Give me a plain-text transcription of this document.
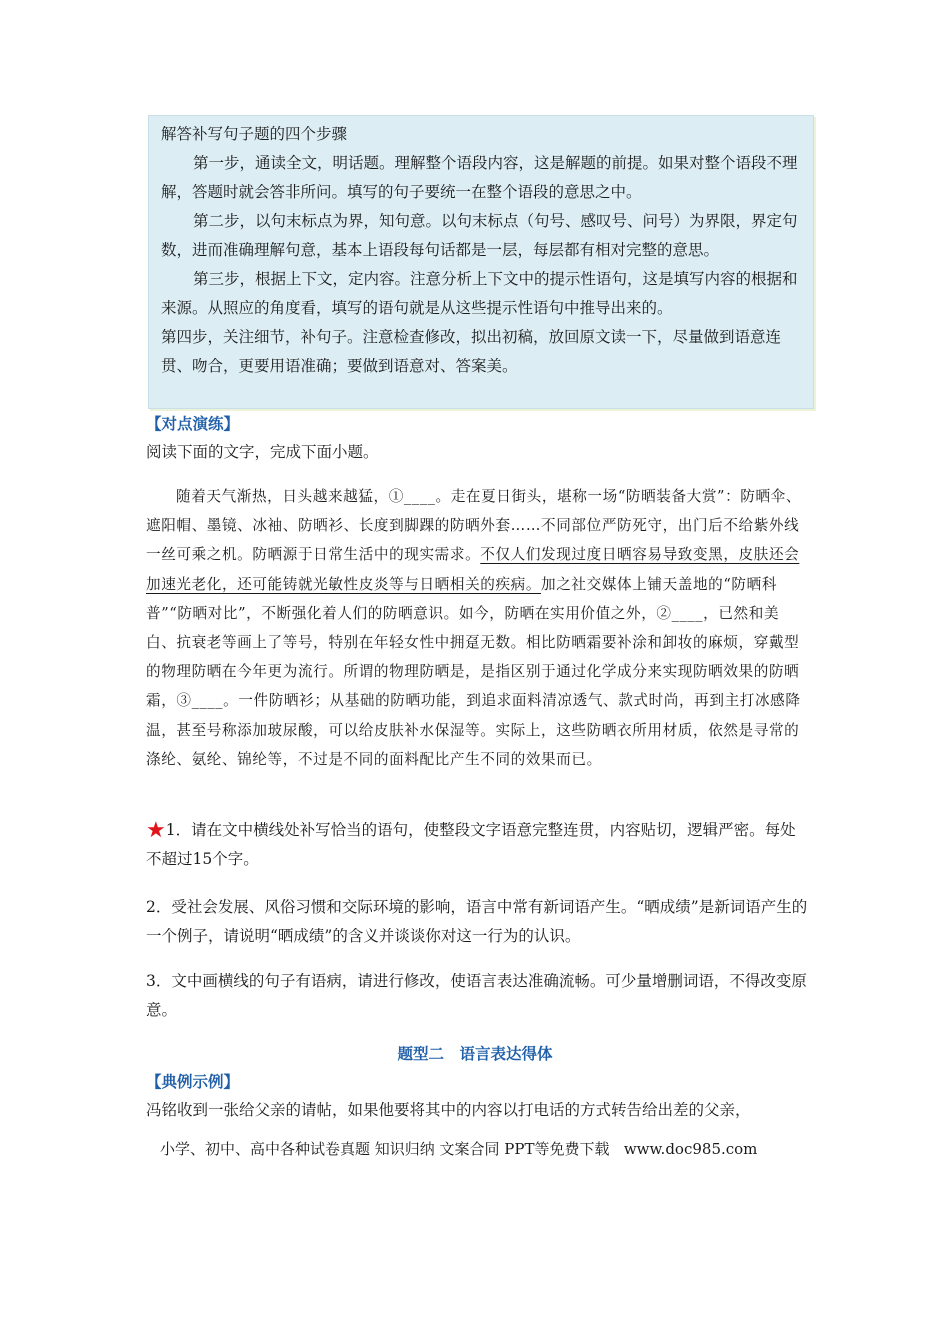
解答补写句子题的四个步骤

第一步，通读全文，明话题。理解整个语段内容，这是解题的前提。如果对整个语段不理解，答题时就会答非所问。填写的句子要统一在整个语段的意思之中。

第二步，以句末标点为界，知句意。以句末标点（句号、感叹号、问号）为界限，界定句数，进而准确理解句意，基本上语段每句话都是一层，每层都有相对完整的意思。

第三步，根据上下文，定内容。注意分析上下文中的提示性语句，这是填写内容的根据和来源。从照应的角度看，填写的语句就是从这些提示性语句中推导出来的。

第四步，关注细节，补句子。注意检查修改，拟出初稿，放回原文读一下，尽量做到语意连贯、吻合，更要用语准确；要做到语意对、答案美。

【对点演练】
阅读下面的文字，完成下面小题。
随着天气渐热，日头越来越猛，①____。走在夏日街头，堪称一场“防晒装备大赏”：防晒伞、遮阳帽、墨镜、冰袖、防晒衫、长度到脚踝的防晒外套……不同部位严防死守，出门后不给紫外线一丝可乘之机。防晒源于日常生活中的现实需求。不仅人们发现过度日晒容易导致变黑，皮肤还会加速光老化，还可能铸就光敏性皮炎等与日晒相关的疾病。加之社交媒体上铺天盖地的“防晒科普”“防晒对比”，不断强化着人们的防晒意识。如今，防晒在实用价值之外，②____，已然和美白、抗衰老等画上了等号，特别在年轻女性中拥趸无数。相比防晒霜要补涂和卸妆的麻烦，穿戴型的物理防晒在今年更为流行。所谓的物理防晒是，是指区别于通过化学成分来实现防晒效果的防晒霜，③____。一件防晒衫；从基础的防晒功能，到追求面料清凉透气、款式时尚，再到主打冰感降温，甚至号称添加玻尿酸，可以给皮肤补水保湿等。实际上，这些防晒衣所用材质，依然是寻常的涤纶、氨纶、锦纶等，不过是不同的面料配比产生不同的效果而已。
★1．请在文中横线处补写恰当的语句，使整段文字语意完整连贯，内容贴切，逻辑严密。每处不超过15个字。
2．受社会发展、风俗习惯和交际环境的影响，语言中常有新词语产生。“晒成绩”是新词语产生的一个例子，请说明“晒成绩”的含义并谈谈你对这一行为的认识。
3．文中画横线的句子有语病，请进行修改，使语言表达准确流畅。可少量增删词语，不得改变原意。
题型二　语言表达得体
【典例示例】
冯铭收到一张给父亲的请帖，如果他要将其中的内容以打电话的方式转告给出差的父亲，
小学、初中、高中各种试卷真题 知识归纳 文案合同 PPT等免费下载 www.doc985.com
